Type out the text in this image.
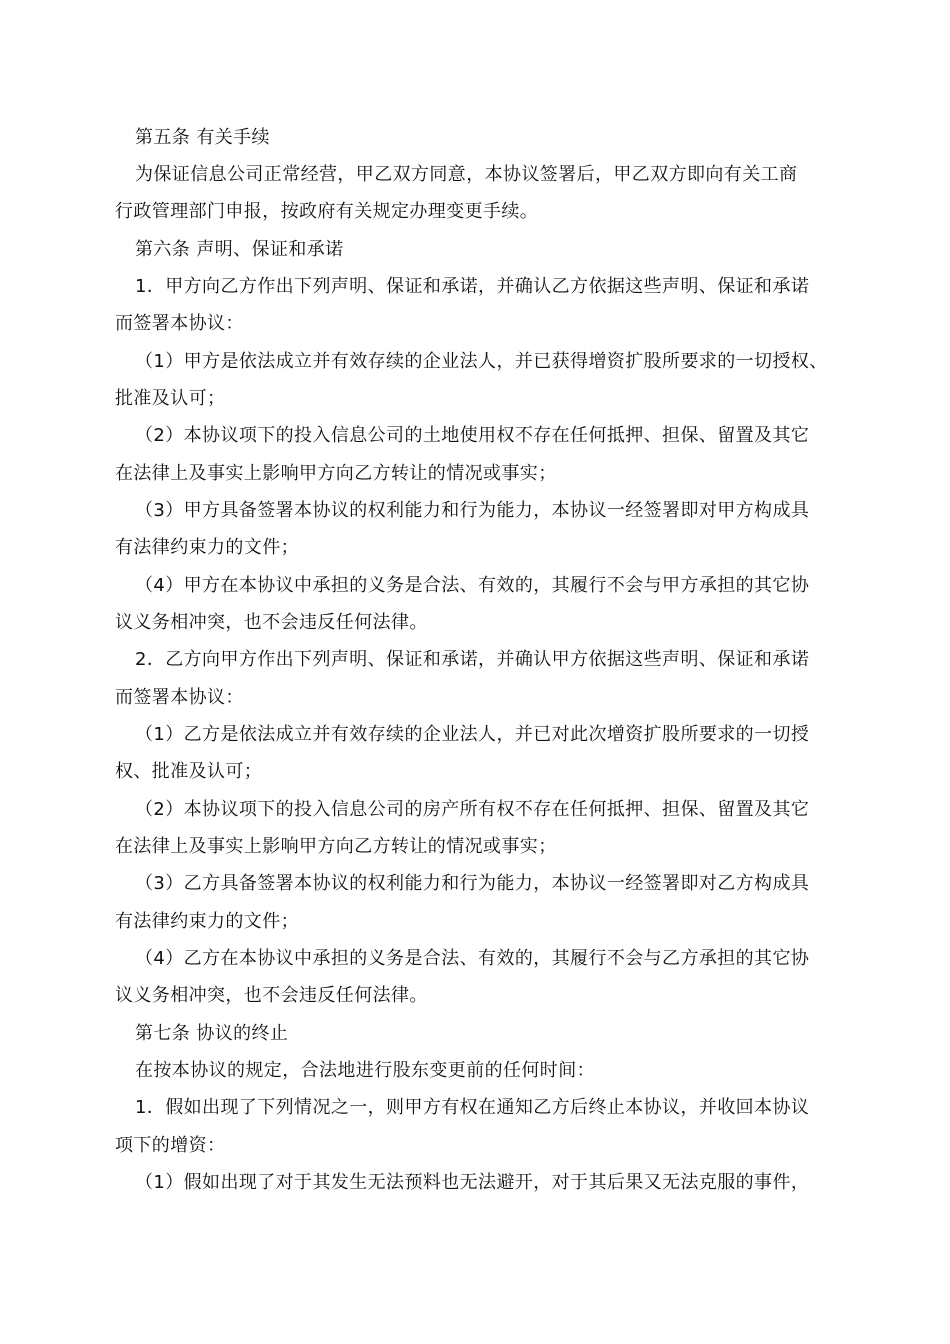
第五条 有关手续
为保证信息公司正常经营，甲乙双方同意，本协议签署后，甲乙双方即向有关工商
行政管理部门申报，按政府有关规定办理变更手续。
第六条 声明、保证和承诺
1．甲方向乙方作出下列声明、保证和承诺，并确认乙方依据这些声明、保证和承诺
而签署本协议：
（1）甲方是依法成立并有效存续的企业法人，并已获得增资扩股所要求的一切授权、
批准及认可；
（2）本协议项下的投入信息公司的土地使用权不存在任何抵押、担保、留置及其它
在法律上及事实上影响甲方向乙方转让的情况或事实；
（3）甲方具备签署本协议的权利能力和行为能力，本协议一经签署即对甲方构成具
有法律约束力的文件；
（4）甲方在本协议中承担的义务是合法、有效的，其履行不会与甲方承担的其它协
议义务相冲突，也不会违反任何法律。
2．乙方向甲方作出下列声明、保证和承诺，并确认甲方依据这些声明、保证和承诺
而签署本协议：
（1）乙方是依法成立并有效存续的企业法人，并已对此次增资扩股所要求的一切授
权、批准及认可；
（2）本协议项下的投入信息公司的房产所有权不存在任何抵押、担保、留置及其它
在法律上及事实上影响甲方向乙方转让的情况或事实；
（3）乙方具备签署本协议的权利能力和行为能力，本协议一经签署即对乙方构成具
有法律约束力的文件；
（4）乙方在本协议中承担的义务是合法、有效的，其履行不会与乙方承担的其它协
议义务相冲突，也不会违反任何法律。
第七条 协议的终止
在按本协议的规定，合法地进行股东变更前的任何时间：
1．假如出现了下列情况之一，则甲方有权在通知乙方后终止本协议，并收回本协议
项下的增资：
（1）假如出现了对于其发生无法预料也无法避开，对于其后果又无法克服的事件，
